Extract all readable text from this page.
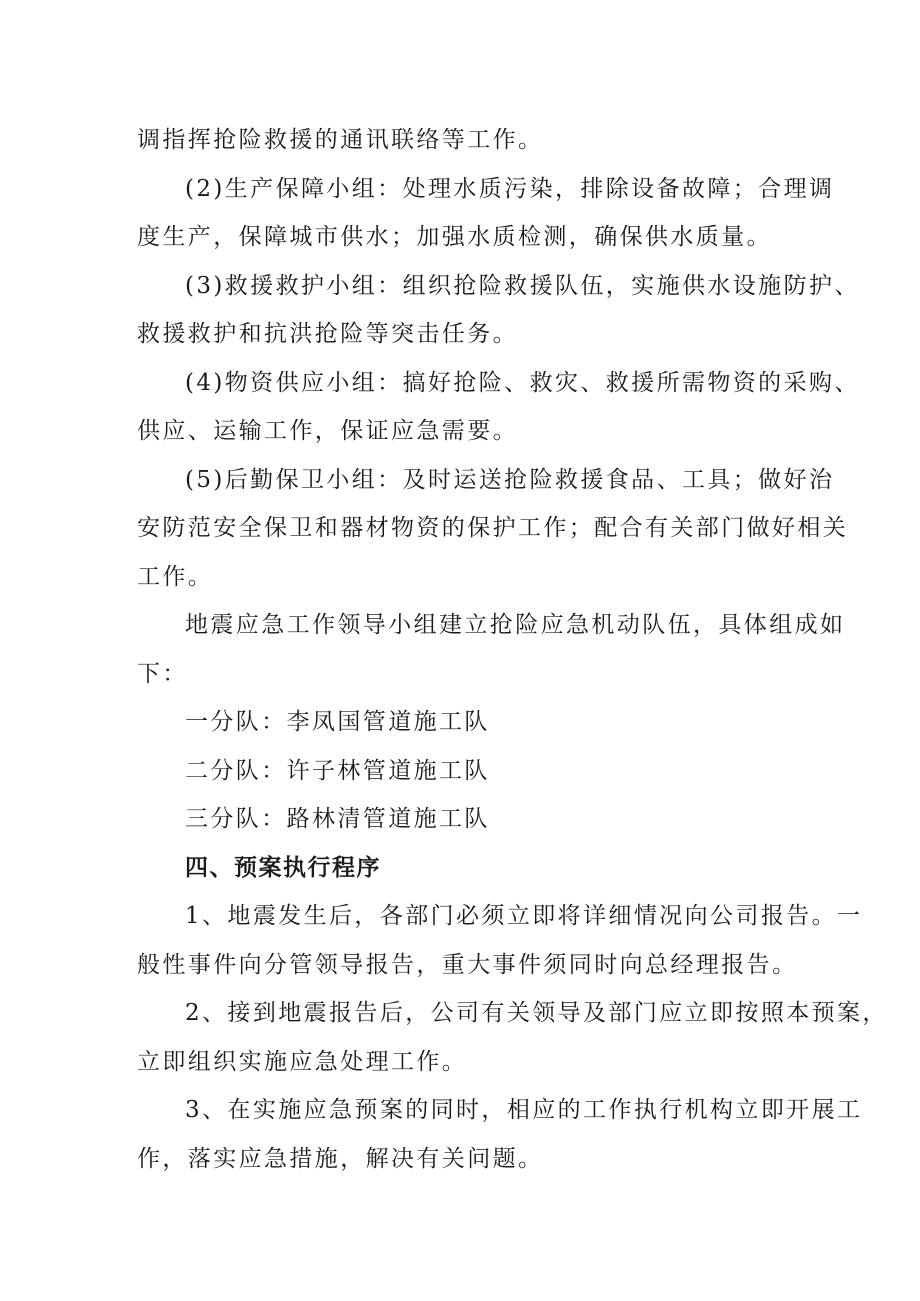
调指挥抢险救援的通讯联络等工作。
(2)生产保障小组：处理水质污染，排除设备故障；合理调
度生产，保障城市供水；加强水质检测，确保供水质量。
(3)救援救护小组：组织抢险救援队伍，实施供水设施防护、
救援救护和抗洪抢险等突击任务。
(4)物资供应小组：搞好抢险、救灾、救援所需物资的采购、
供应、运输工作，保证应急需要。
(5)后勤保卫小组：及时运送抢险救援食品、工具；做好治
安防范安全保卫和器材物资的保护工作；配合有关部门做好相关
工作。
地震应急工作领导小组建立抢险应急机动队伍，具体组成如
下：
一分队：李凤国管道施工队
二分队：许子林管道施工队
三分队：路林清管道施工队
四、预案执行程序
1、地震发生后，各部门必须立即将详细情况向公司报告。一
般性事件向分管领导报告，重大事件须同时向总经理报告。
2、接到地震报告后，公司有关领导及部门应立即按照本预案，
立即组织实施应急处理工作。
3、在实施应急预案的同时，相应的工作执行机构立即开展工
作，落实应急措施，解决有关问题。
